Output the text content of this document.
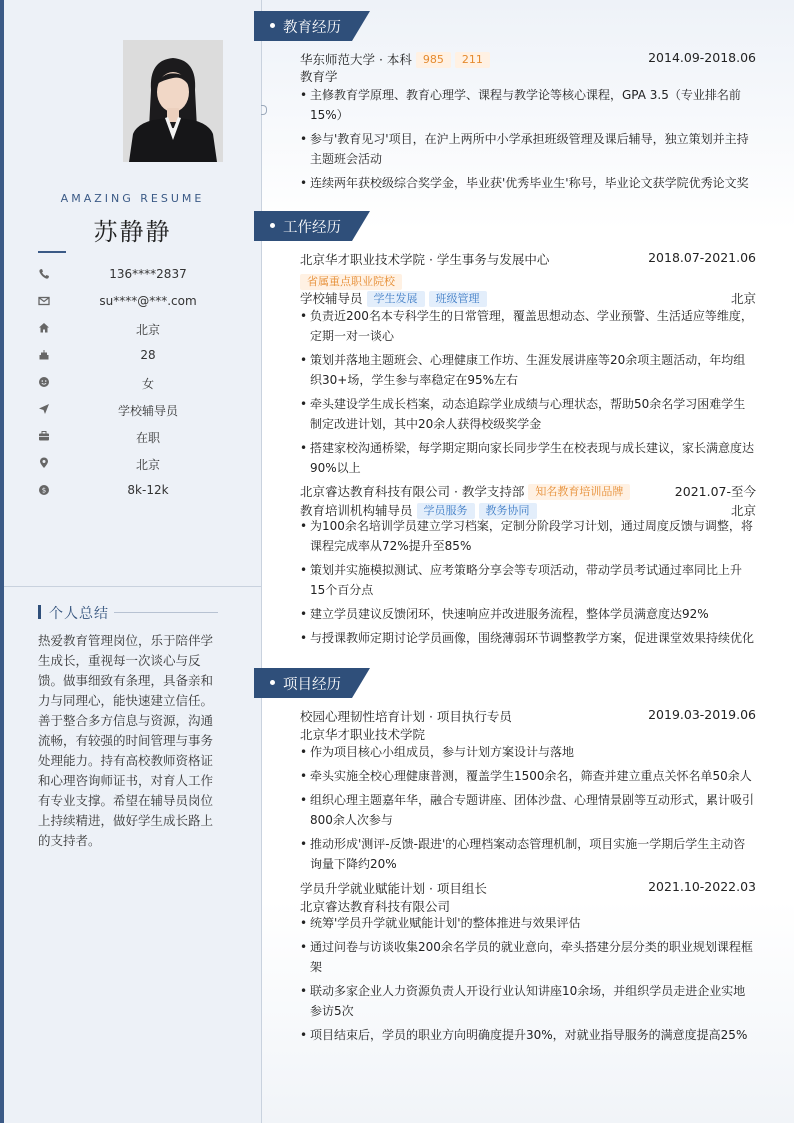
AMAZING RESUME
苏静静
136****2837
su****@***.com
北京
28
女
学校辅导员
在职
北京
$	8k-12k
个人总结
热爱教育管理岗位，乐于陪伴学生成长，重视每一次谈心与反馈。做事细致有条理，具备亲和力与同理心，能快速建立信任。善于整合多方信息与资源，沟通流畅，有较强的时间管理与事务处理能力。持有高校教师资格证和心理咨询师证书，对育人工作有专业支撑。希望在辅导员岗位上持续精进，做好学生成长路上的支持者。
教育经历
华东师范大学 · 本科 985 211	2014.09-2018.06
教育学
• 主修教育学原理、教育心理学、课程与教学论等核心课程，GPA 3.5（专业排名前15%）
• 参与'教育见习'项目，在沪上两所中小学承担班级管理及课后辅导，独立策划并主持主题班会活动
• 连续两年获校级综合奖学金，毕业获'优秀毕业生'称号，毕业论文获学院优秀论文奖
工作经历
北京华才职业技术学院 · 学生事务与发展中心	2018.07-2021.06
省属重点职业院校
学校辅导员 学生发展 班级管理	北京
• 负责近200名本专科学生的日常管理，覆盖思想动态、学业预警、生活适应等维度，定期一对一谈心
• 策划并落地主题班会、心理健康工作坊、生涯发展讲座等20余项主题活动，年均组织30+场，学生参与率稳定在95%左右
• 牵头建设学生成长档案，动态追踪学业成绩与心理状态，帮助50余名学习困难学生制定改进计划，其中20余人获得校级奖学金
• 搭建家校沟通桥梁，每学期定期向家长同步学生在校表现与成长建议，家长满意度达90%以上
北京睿达教育科技有限公司 · 教学支持部 知名教育培训品牌	2021.07-至今
教育培训机构辅导员 学员服务 教务协同	北京
• 为100余名培训学员建立学习档案，定制分阶段学习计划，通过周度反馈与调整，将课程完成率从72%提升至85%
• 策划并实施模拟测试、应考策略分享会等专项活动，带动学员考试通过率同比上升15个百分点
• 建立学员建议反馈闭环，快速响应并改进服务流程，整体学员满意度达92%
• 与授课教师定期讨论学员画像，围绕薄弱环节调整教学方案，促进课堂效果持续优化
项目经历
校园心理韧性培育计划 · 项目执行专员	2019.03-2019.06
北京华才职业技术学院
• 作为项目核心小组成员，参与计划方案设计与落地
• 牵头实施全校心理健康普测，覆盖学生1500余名，筛查并建立重点关怀名单50余人
• 组织心理主题嘉年华，融合专题讲座、团体沙盘、心理情景剧等互动形式，累计吸引800余人次参与
• 推动形成'测评-反馈-跟进'的心理档案动态管理机制，项目实施一学期后学生主动咨询量下降约20%
学员升学就业赋能计划 · 项目组长	2021.10-2022.03
北京睿达教育科技有限公司
• 统筹'学员升学就业赋能计划'的整体推进与效果评估
• 通过问卷与访谈收集200余名学员的就业意向，牵头搭建分层分类的职业规划课程框架
• 联动多家企业人力资源负责人开设行业认知讲座10余场，并组织学员走进企业实地参访5次
• 项目结束后，学员的职业方向明确度提升30%，对就业指导服务的满意度提高25%
